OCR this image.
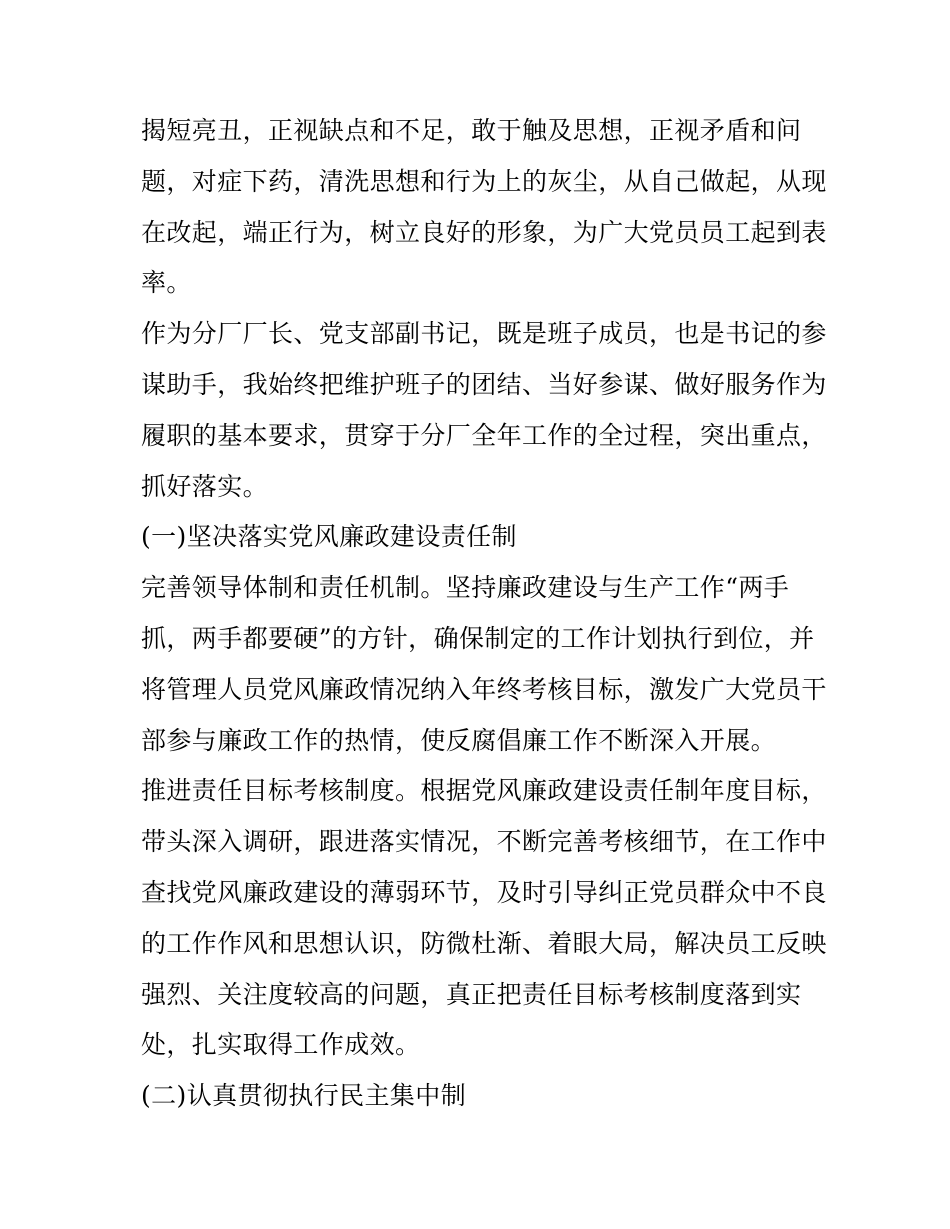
揭短亮丑，正视缺点和不足，敢于触及思想，正视矛盾和问
题，对症下药，清洗思想和行为上的灰尘，从自己做起，从现
在改起，端正行为，树立良好的形象，为广大党员员工起到表
率。
作为分厂厂长、党支部副书记，既是班子成员，也是书记的参
谋助手，我始终把维护班子的团结、当好参谋、做好服务作为
履职的基本要求，贯穿于分厂全年工作的全过程，突出重点，
抓好落实。
(一)坚决落实党风廉政建设责任制
完善领导体制和责任机制。坚持廉政建设与生产工作“两手
抓，两手都要硬”的方针，确保制定的工作计划执行到位，并
将管理人员党风廉政情况纳入年终考核目标，激发广大党员干
部参与廉政工作的热情，使反腐倡廉工作不断深入开展。
推进责任目标考核制度。根据党风廉政建设责任制年度目标，
带头深入调研，跟进落实情况，不断完善考核细节，在工作中
查找党风廉政建设的薄弱环节，及时引导纠正党员群众中不良
的工作作风和思想认识，防微杜渐、着眼大局，解决员工反映
强烈、关注度较高的问题，真正把责任目标考核制度落到实
处，扎实取得工作成效。
(二)认真贯彻执行民主集中制
